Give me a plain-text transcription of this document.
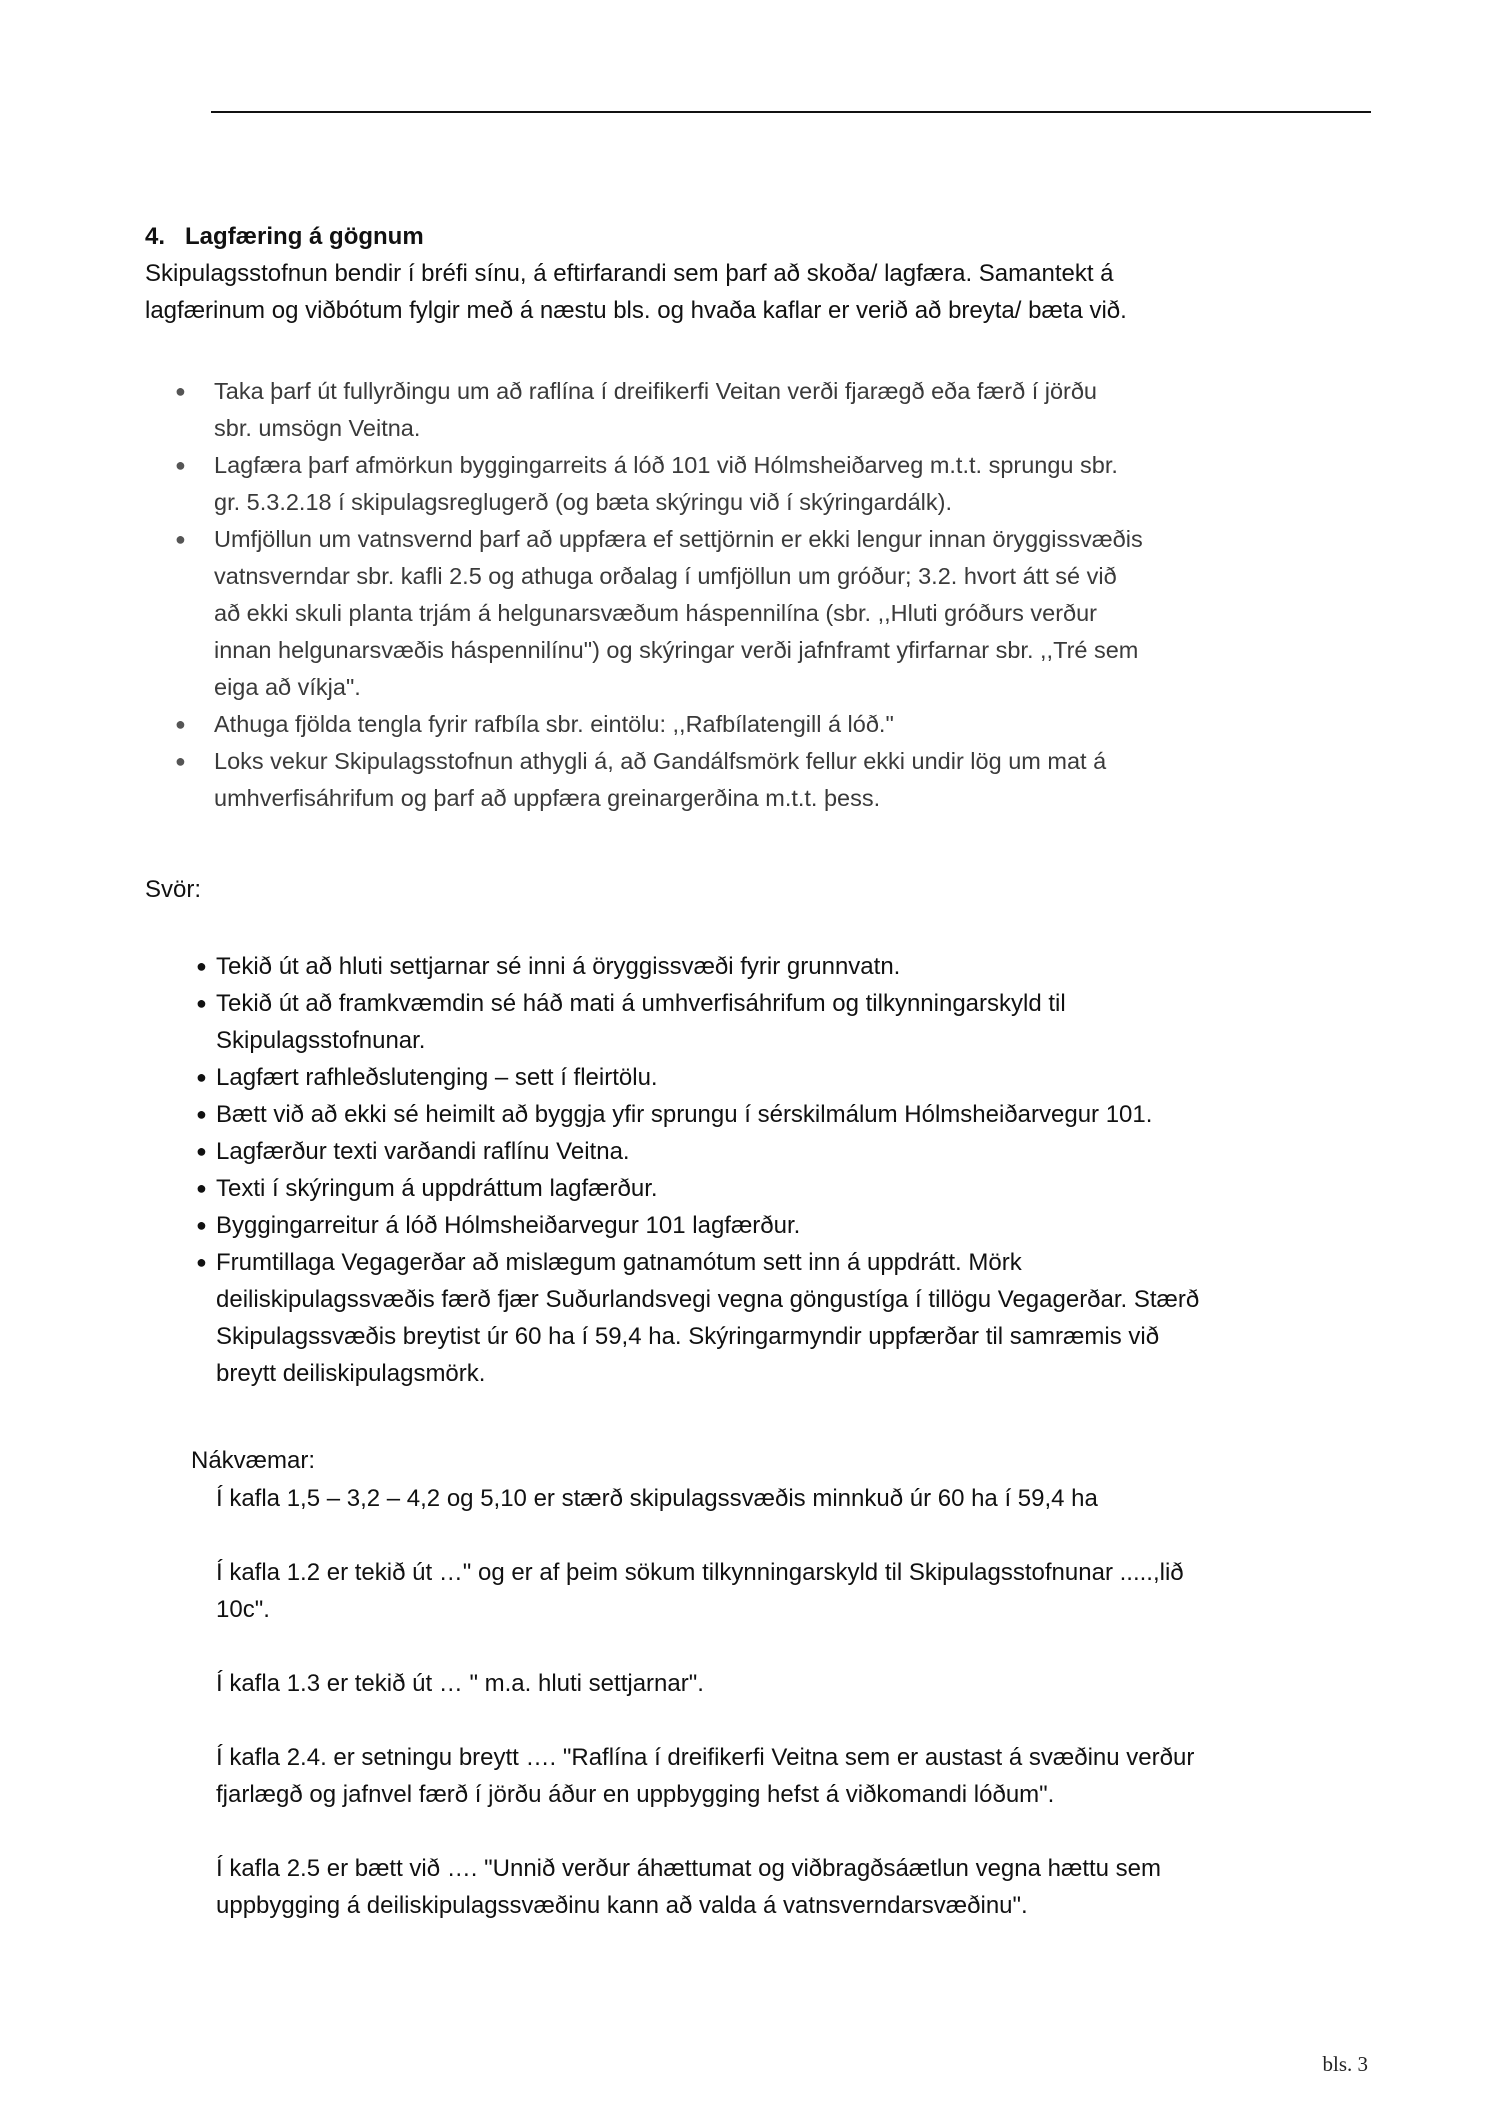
4.   Lagfæring á gögnum
Skipulagsstofnun bendir í bréfi sínu, á eftirfarandi sem þarf að skoða/ lagfæra. Samantekt á
lagfærinum og viðbótum fylgir með á næstu bls. og hvaða kaflar er verið að breyta/ bæta við.
● Taka þarf út fullyrðingu um að raflína í dreifikerfi Veitan verði fjarægð eða færð í jörðu
sbr. umsögn Veitna.
● Lagfæra þarf afmörkun byggingarreits á lóð 101 við Hólmsheiðarveg m.t.t. sprungu sbr.
gr. 5.3.2.18 í skipulagsreglugerð (og bæta skýringu við í skýringardálk).
● Umfjöllun um vatnsvernd þarf að uppfæra ef settjörnin er ekki lengur innan öryggissvæðis
vatnsverndar sbr. kafli 2.5 og athuga orðalag í umfjöllun um gróður; 3.2. hvort átt sé við
að ekki skuli planta trjám á helgunarsvæðum háspennilína (sbr. ,,Hluti gróðurs verður
innan helgunarsvæðis háspennilínu") og skýringar verði jafnframt yfirfarnar sbr. ,,Tré sem
eiga að víkja".
● Athuga fjölda tengla fyrir rafbíla sbr. eintölu: ,,Rafbílatengill á lóð."
● Loks vekur Skipulagsstofnun athygli á, að Gandálfsmörk fellur ekki undir lög um mat á
umhverfisáhrifum og þarf að uppfæra greinargerðina m.t.t. þess.
Svör:
● Tekið út að hluti settjarnar sé inni á öryggissvæði fyrir grunnvatn.
● Tekið út að framkvæmdin sé háð mati á umhverfisáhrifum og tilkynningarskyld til
Skipulagsstofnunar.
● Lagfært rafhleðslutenging – sett í fleirtölu.
● Bætt við að ekki sé heimilt að byggja yfir sprungu í sérskilmálum Hólmsheiðarvegur 101.
● Lagfærður texti varðandi raflínu Veitna.
● Texti í skýringum á uppdráttum lagfærður.
● Byggingarreitur á lóð Hólmsheiðarvegur 101 lagfærður.
● Frumtillaga Vegagerðar að mislægum gatnamótum sett inn á uppdrátt. Mörk
deiliskipulagssvæðis færð fjær Suðurlandsvegi vegna göngustíga í tillögu Vegagerðar. Stærð
Skipulagssvæðis breytist úr 60 ha í 59,4 ha. Skýringarmyndir uppfærðar til samræmis við
breytt deiliskipulagsmörk.
Nákvæmar:
Í kafla 1,5 – 3,2 – 4,2 og 5,10 er stærð skipulagssvæðis minnkuð úr 60 ha í 59,4 ha
Í kafla 1.2 er tekið út …" og er af þeim sökum tilkynningarskyld til Skipulagsstofnunar .....,lið
10c".
Í kafla 1.3 er tekið út … " m.a. hluti settjarnar".
Í kafla 2.4. er setningu breytt …. "Raflína í dreifikerfi Veitna sem er austast á svæðinu verður
fjarlægð og jafnvel færð í jörðu áður en uppbygging hefst á viðkomandi lóðum".
Í kafla 2.5 er bætt við …. "Unnið verður áhættumat og viðbragðsáætlun vegna hættu sem
uppbygging á deiliskipulagssvæðinu kann að valda á vatnsverndarsvæðinu".
bls. 3
